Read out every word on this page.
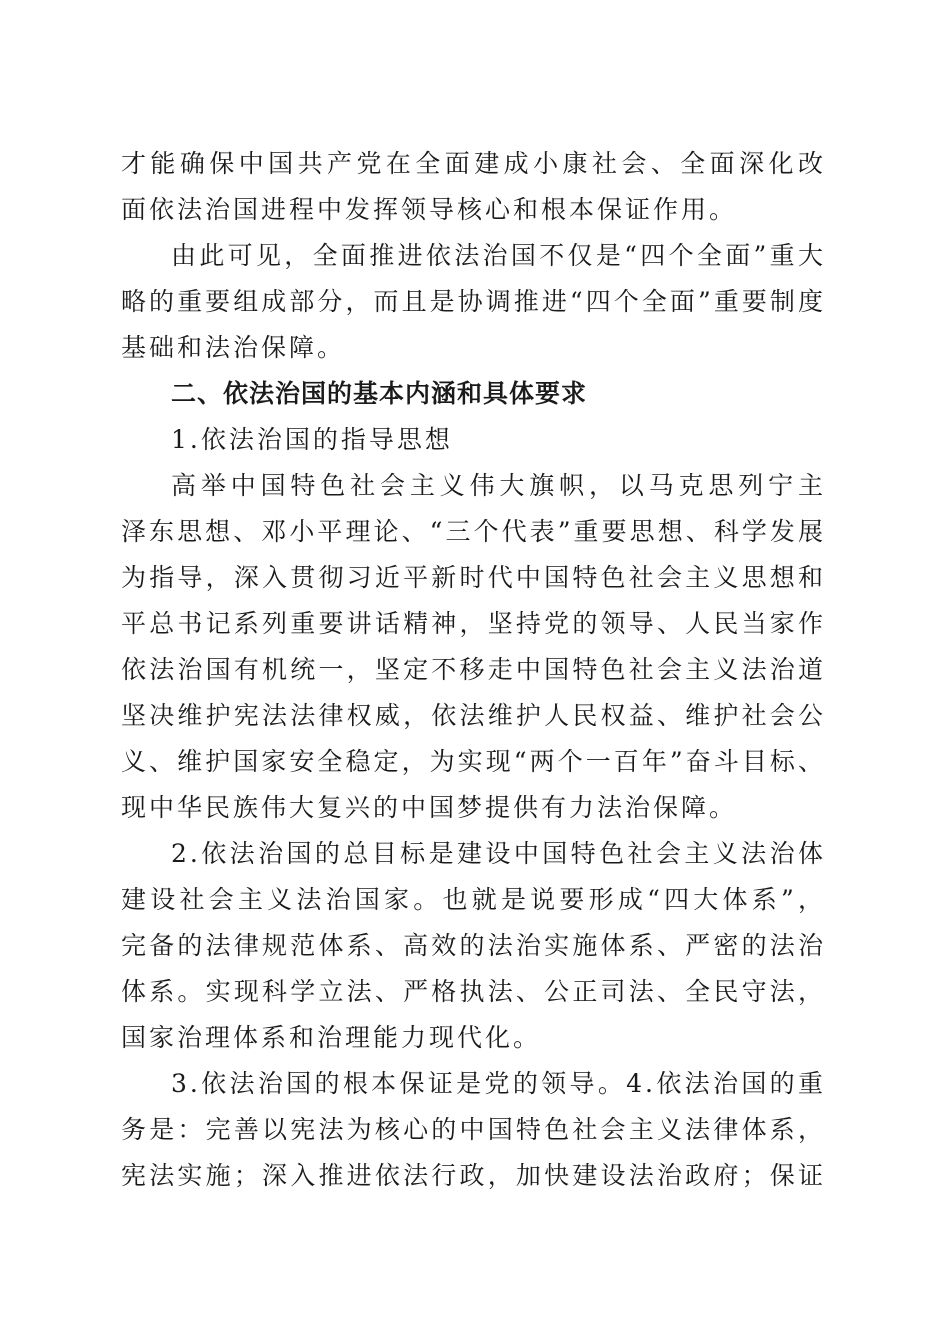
才能确保中国共产党在全面建成小康社会、全面深化改
面依法治国进程中发挥领导核心和根本保证作用。
由此可见，全面推进依法治国不仅是“四个全面”重大
略的重要组成部分，而且是协调推进“四个全面”重要制度
基础和法治保障。
二、依法治国的基本内涵和具体要求
1.依法治国的指导思想
高举中国特色社会主义伟大旗帜，以马克思列宁主
泽东思想、邓小平理论、“三个代表”重要思想、科学发展
为指导，深入贯彻习近平新时代中国特色社会主义思想和
平总书记系列重要讲话精神，坚持党的领导、人民当家作
依法治国有机统一，坚定不移走中国特色社会主义法治道
坚决维护宪法法律权威，依法维护人民权益、维护社会公
义、维护国家安全稳定，为实现“两个一百年”奋斗目标、
现中华民族伟大复兴的中国梦提供有力法治保障。
2.依法治国的总目标是建设中国特色社会主义法治体
建设社会主义法治国家。也就是说要形成“四大体系”，
完备的法律规范体系、高效的法治实施体系、严密的法治
体系。实现科学立法、严格执法、公正司法、全民守法，
国家治理体系和治理能力现代化。
3.依法治国的根本保证是党的领导。4.依法治国的重
务是：完善以宪法为核心的中国特色社会主义法律体系，
宪法实施；深入推进依法行政，加快建设法治政府；保证
